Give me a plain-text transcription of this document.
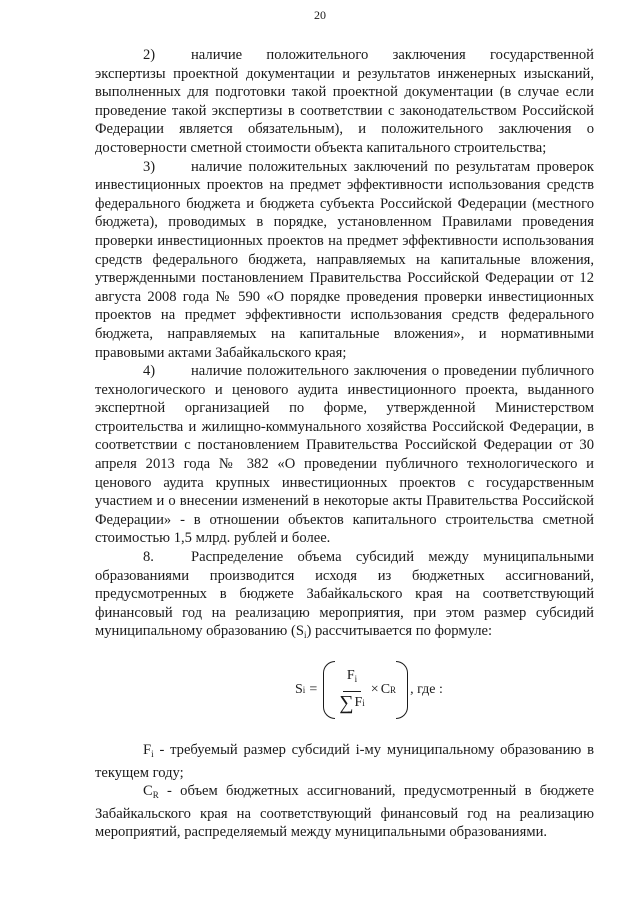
20

2) наличие положительного заключения государственной экспертизы проектной документации и результатов инженерных изысканий, выполненных для подготовки такой проектной документации (в случае если проведение такой экспертизы в соответствии с законодательством Российской Федерации является обязательным), и положительного заключения о достоверности сметной стоимости объекта капитального строительства;

3) наличие положительных заключений по результатам проверок инвестиционных проектов на предмет эффективности использования средств федерального бюджета и бюджета субъекта Российской Федерации (местного бюджета), проводимых в порядке, установленном Правилами проведения проверки инвестиционных проектов на предмет эффективности использования средств федерального бюджета, направляемых на капитальные вложения, утвержденными постановлением Правительства Российской Федерации от 12 августа 2008 года № 590 «О порядке проведения проверки инвестиционных проектов на предмет эффективности использования средств федерального бюджета, направляемых на капитальные вложения», и нормативными правовыми актами Забайкальского края;

4) наличие положительного заключения о проведении публичного технологического и ценового аудита инвестиционного проекта, выданного экспертной организацией по форме, утвержденной Министерством строительства и жилищно-коммунального хозяйства Российской Федерации, в соответствии с постановлением Правительства Российской Федерации от 30 апреля 2013 года № 382 «О проведении публичного технологического и ценового аудита крупных инвестиционных проектов с государственным участием и о внесении изменений в некоторые акты Правительства Российской Федерации» - в отношении объектов капитального строительства сметной стоимостью 1,5 млрд. рублей и более.

8.	Распределение объема субсидий между муниципальными образованиями производится исходя из бюджетных ассигнований, предусмотренных в бюджете Забайкальского края на соответствующий финансовый год на реализацию мероприятия, при этом размер субсидий муниципальному образованию $(S_i)$ рассчитывается по формуле:

S $i = \frac{F_i}{\text{∑ F i}} \times C$ R , где :

$F_i$ - требуемый размер субсидий i-му муниципальному образованию в текущем году;

$C_R$ - объем бюджетных ассигнований, предусмотренный в бюджете Забайкальского края на соответствующий финансовый год на реализацию мероприятий, распределяемый между муниципальными образованиями.
